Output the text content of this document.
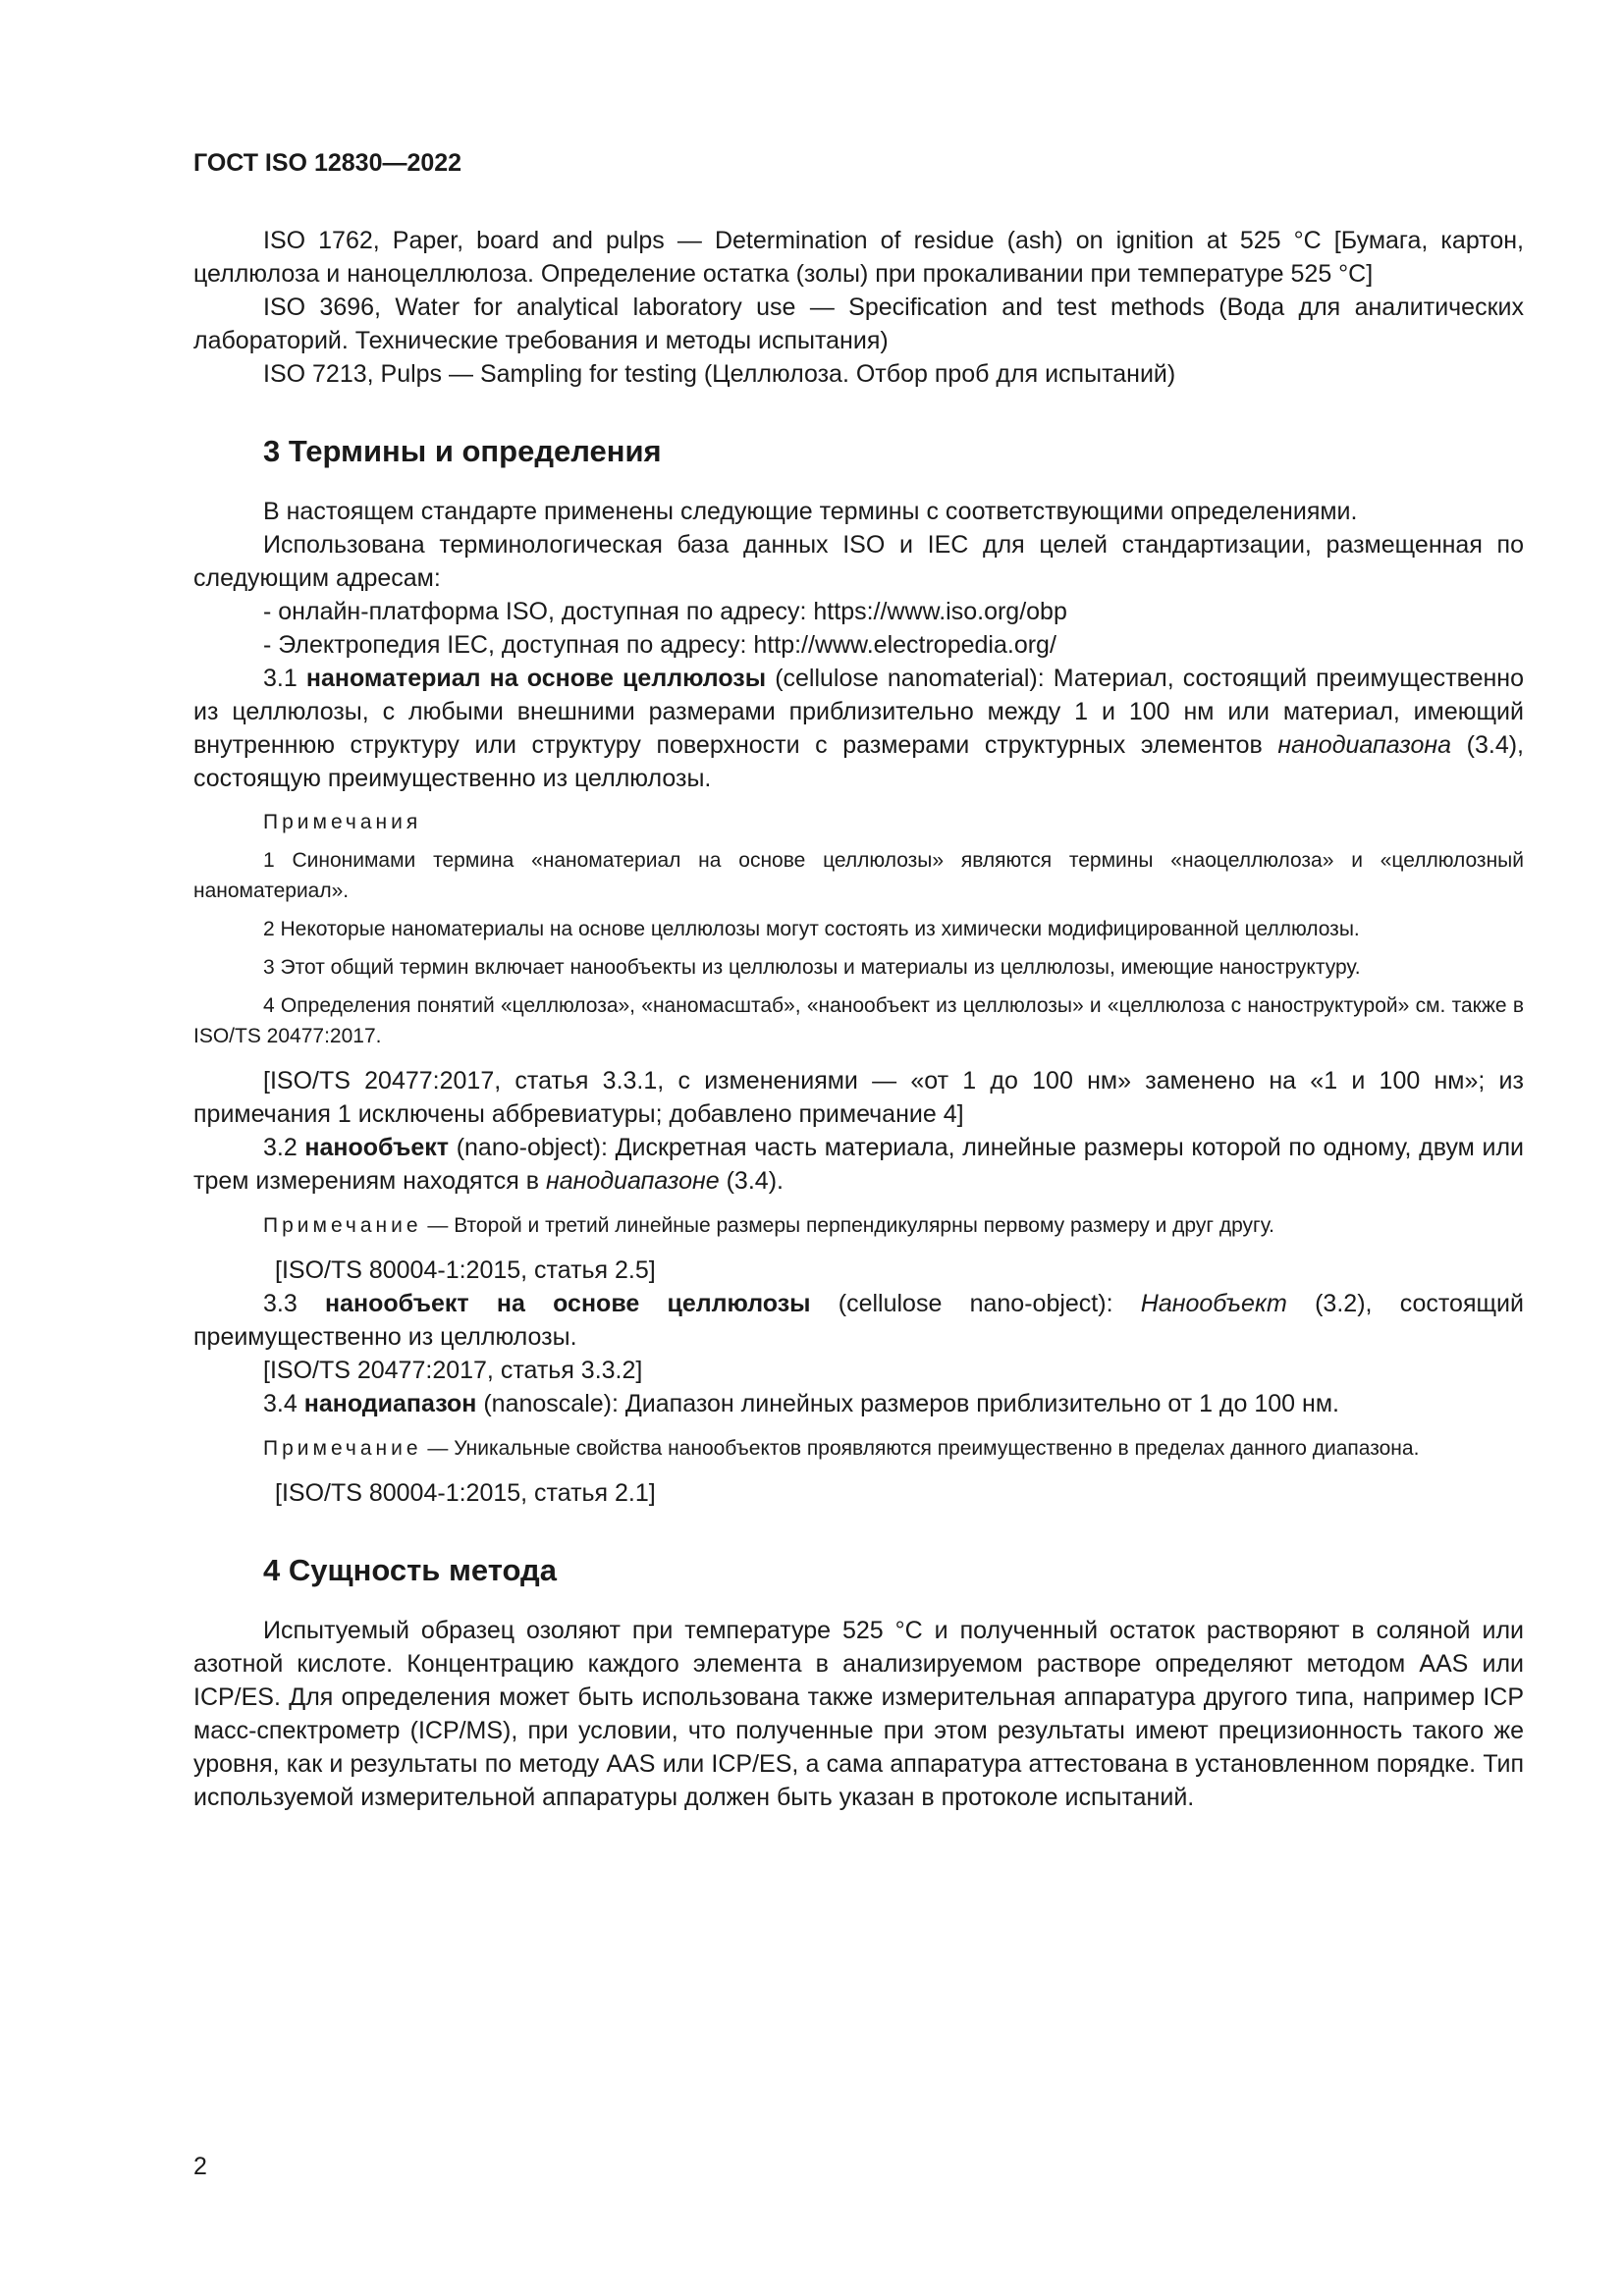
ГОСТ ISO 12830—2022

ISO 1762, Paper, board and pulps — Determination of residue (ash) on ignition at 525 °C [Бумага, картон, целлюлоза и наноцеллюлоза. Определение остатка (золы) при прокаливании при температуре 525 °C]

ISO 3696, Water for analytical laboratory use — Specification and test methods (Вода для аналитических лабораторий. Технические требования и методы испытания)

ISO 7213, Pulps — Sampling for testing (Целлюлоза. Отбор проб для испытаний)

3 Термины и определения

В настоящем стандарте применены следующие термины с соответствующими определениями.

Использована терминологическая база данных ISO и IEC для целей стандартизации, размещенная по следующим адресам:

- онлайн-платформа ISO, доступная по адресу: https://www.iso.org/obp

- Электропедия IEC, доступная по адресу: http://www.electropedia.org/

3.1 наноматериал на основе целлюлозы (cellulose nanomaterial): Материал, состоящий преимущественно из целлюлозы, с любыми внешними размерами приблизительно между 1 и 100 нм или материал, имеющий внутреннюю структуру или структуру поверхности с размерами структурных элементов нанодиапазона (3.4), состоящую преимущественно из целлюлозы.

Примечания

1 Синонимами термина «наноматериал на основе целлюлозы» являются термины «наоцеллюлоза» и «целлюлозный наноматериал».

2 Некоторые наноматериалы на основе целлюлозы могут состоять из химически модифицированной целлюлозы.

3 Этот общий термин включает нанообъекты из целлюлозы и материалы из целлюлозы, имеющие наноструктуру.

4 Определения понятий «целлюлоза», «наномасштаб», «нанообъект из целлюлозы» и «целлюлоза с наноструктурой» см. также в ISO/TS 20477:2017.

[ISO/TS 20477:2017, статья 3.3.1, с изменениями — «от 1 до 100 нм» заменено на «1 и 100 нм»; из примечания 1 исключены аббревиатуры; добавлено примечание 4]

3.2 нанообъект (nano-object): Дискретная часть материала, линейные размеры которой по одному, двум или трем измерениям находятся в нанодиапазоне (3.4).

Примечание — Второй и третий линейные размеры перпендикулярны первому размеру и друг другу.

[ISO/TS 80004-1:2015, статья 2.5]

3.3 нанообъект на основе целлюлозы (cellulose nano-object): Нанообъект (3.2), состоящий преимущественно из целлюлозы.

[ISO/TS 20477:2017, статья 3.3.2]

3.4 нанодиапазон (nanoscale): Диапазон линейных размеров приблизительно от 1 до 100 нм.

Примечание — Уникальные свойства нанообъектов проявляются преимущественно в пределах данного диапазона.

[ISO/TS 80004-1:2015, статья 2.1]

4 Сущность метода

Испытуемый образец озоляют при температуре 525 °C и полученный остаток растворяют в соляной или азотной кислоте. Концентрацию каждого элемента в анализируемом растворе определяют методом AAS или ICP/ES. Для определения может быть использована также измерительная аппаратура другого типа, например ICP масс-спектрометр (ICP/MS), при условии, что полученные при этом результаты имеют прецизионность такого же уровня, как и результаты по методу AAS или ICP/ES, а сама аппаратура аттестована в установленном порядке. Тип используемой измерительной аппаратуры должен быть указан в протоколе испытаний.

2
